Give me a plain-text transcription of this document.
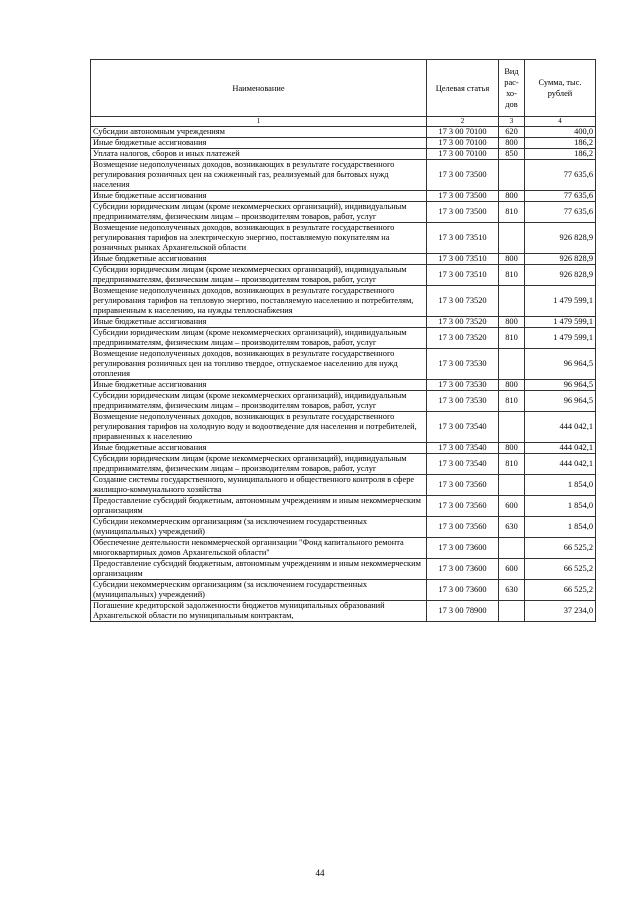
Наименование	Целевая статья	Вид рас- хо- дов	Сумма, тыс. рублей
1	2	3	4
Субсидии автономным учреждениям	17 3 00 70100	620	400,0
Иные бюджетные ассигнования	17 3 00 70100	800	186,2
Уплата налогов, сборов и иных платежей	17 3 00 70100	850	186,2
Возмещение недополученных доходов, возникающих в результате государственного регулирования розничных цен на сжиженный газ, реализуемый для бытовых нужд населения	17 3 00 73500		77 635,6
Иные бюджетные ассигнования	17 3 00 73500	800	77 635,6
Субсидии юридическим лицам (кроме некоммерческих организаций), индивидуальным предпринимателям, физическим лицам – производителям товаров, работ, услуг	17 3 00 73500	810	77 635,6
Возмещение недополученных доходов, возникающих в результате государственного регулирования тарифов на электрическую энергию, поставляемую покупателям на розничных рынках Архангельской области	17 3 00 73510		926 828,9
Иные бюджетные ассигнования	17 3 00 73510	800	926 828,9
Субсидии юридическим лицам (кроме некоммерческих организаций), индивидуальным предпринимателям, физическим лицам – производителям товаров, работ, услуг	17 3 00 73510	810	926 828,9
Возмещение недополученных доходов, возникающих в результате государственного регулирования тарифов на тепловую энергию, поставляемую населению и потребителям, приравненным к населению, на нужды теплоснабжения	17 3 00 73520		1 479 599,1
Иные бюджетные ассигнования	17 3 00 73520	800	1 479 599,1
Субсидии юридическим лицам (кроме некоммерческих организаций), индивидуальным предпринимателям, физическим лицам – производителям товаров, работ, услуг	17 3 00 73520	810	1 479 599,1
Возмещение недополученных доходов, возникающих в результате государственного регулирования розничных цен на топливо твердое, отпускаемое населению для нужд отопления	17 3 00 73530		96 964,5
Иные бюджетные ассигнования	17 3 00 73530	800	96 964,5
Субсидии юридическим лицам (кроме некоммерческих организаций), индивидуальным предпринимателям, физическим лицам – производителям товаров, работ, услуг	17 3 00 73530	810	96 964,5
Возмещение недополученных доходов, возникающих в результате государственного регулирования тарифов на холодную воду и водоотведение для населения и потребителей, приравненных к населению	17 3 00 73540		444 042,1
Иные бюджетные ассигнования	17 3 00 73540	800	444 042,1
Субсидии юридическим лицам (кроме некоммерческих организаций), индивидуальным предпринимателям, физическим лицам – производителям товаров, работ, услуг	17 3 00 73540	810	444 042,1
Создание системы государственного, муниципального и общественного контроля в сфере жилищно-коммунального хозяйства	17 3 00 73560		1 854,0
Предоставление субсидий бюджетным, автономным учреждениям и иным некоммерческим организациям	17 3 00 73560	600	1 854,0
Субсидии некоммерческим организациям (за исключением государственных (муниципальных) учреждений)	17 3 00 73560	630	1 854,0
Обеспечение деятельности некоммерческой организации "Фонд капитального ремонта многоквартирных домов Архангельской области"	17 3 00 73600		66 525,2
Предоставление субсидий бюджетным, автономным учреждениям и иным некоммерческим организациям	17 3 00 73600	600	66 525,2
Субсидии некоммерческим организациям (за исключением государственных (муниципальных) учреждений)	17 3 00 73600	630	66 525,2
Погашение кредиторской задолженности бюджетов муниципальных образований Архангельской области по муниципальным контрактам,	17 3 00 78900		37 234,0
44
